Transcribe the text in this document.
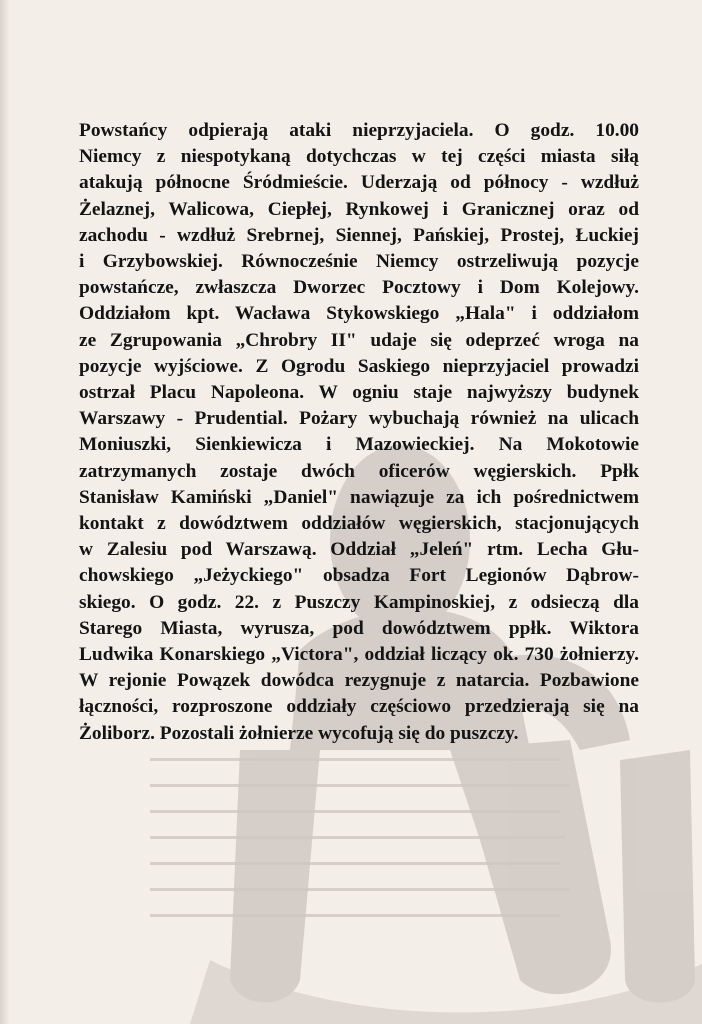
Powstańcy odpierają ataki nieprzyjaciela. O godz. 10.00
Niemcy z niespotykaną dotychczas w tej części miasta siłą
atakują północne Śródmieście. Uderzają od północy - wzdłuż
Żelaznej, Walicowa, Ciepłej, Rynkowej i Granicznej oraz od
zachodu - wzdłuż Srebrnej, Siennej, Pańskiej, Prostej, Łuckiej
i Grzybowskiej. Równocześnie Niemcy ostrzeliwują pozycje
powstańcze, zwłaszcza Dworzec Pocztowy i Dom Kolejowy.
Oddziałom kpt. Wacława Stykowskiego „Hala" i oddziałom
ze Zgrupowania „Chrobry II" udaje się odeprzeć wroga na
pozycje wyjściowe. Z Ogrodu Saskiego nieprzyjaciel prowadzi
ostrzał Placu Napoleona. W ogniu staje najwyższy budynek
Warszawy - Prudential. Pożary wybuchają również na ulicach
Moniuszki, Sienkiewicza i Mazowieckiej. Na Mokotowie
zatrzymanych zostaje dwóch oficerów węgierskich. Ppłk
Stanisław Kamiński „Daniel" nawiązuje za ich pośrednictwem
kontakt z dowództwem oddziałów węgierskich, stacjonujących
w Zalesiu pod Warszawą. Oddział „Jeleń" rtm. Lecha Głu-
chowskiego „Jeżyckiego" obsadza Fort Legionów Dąbrow-
skiego. O godz. 22. z Puszczy Kampinoskiej, z odsieczą dla
Starego Miasta, wyrusza, pod dowództwem ppłk. Wiktora
Ludwika Konarskiego „Victora", oddział liczący ok. 730 żołnierzy.
W rejonie Powązek dowódca rezygnuje z natarcia. Pozbawione
łączności, rozproszone oddziały częściowo przedzierają się na
Żoliborz. Pozostali żołnierze wycofują się do puszczy.
